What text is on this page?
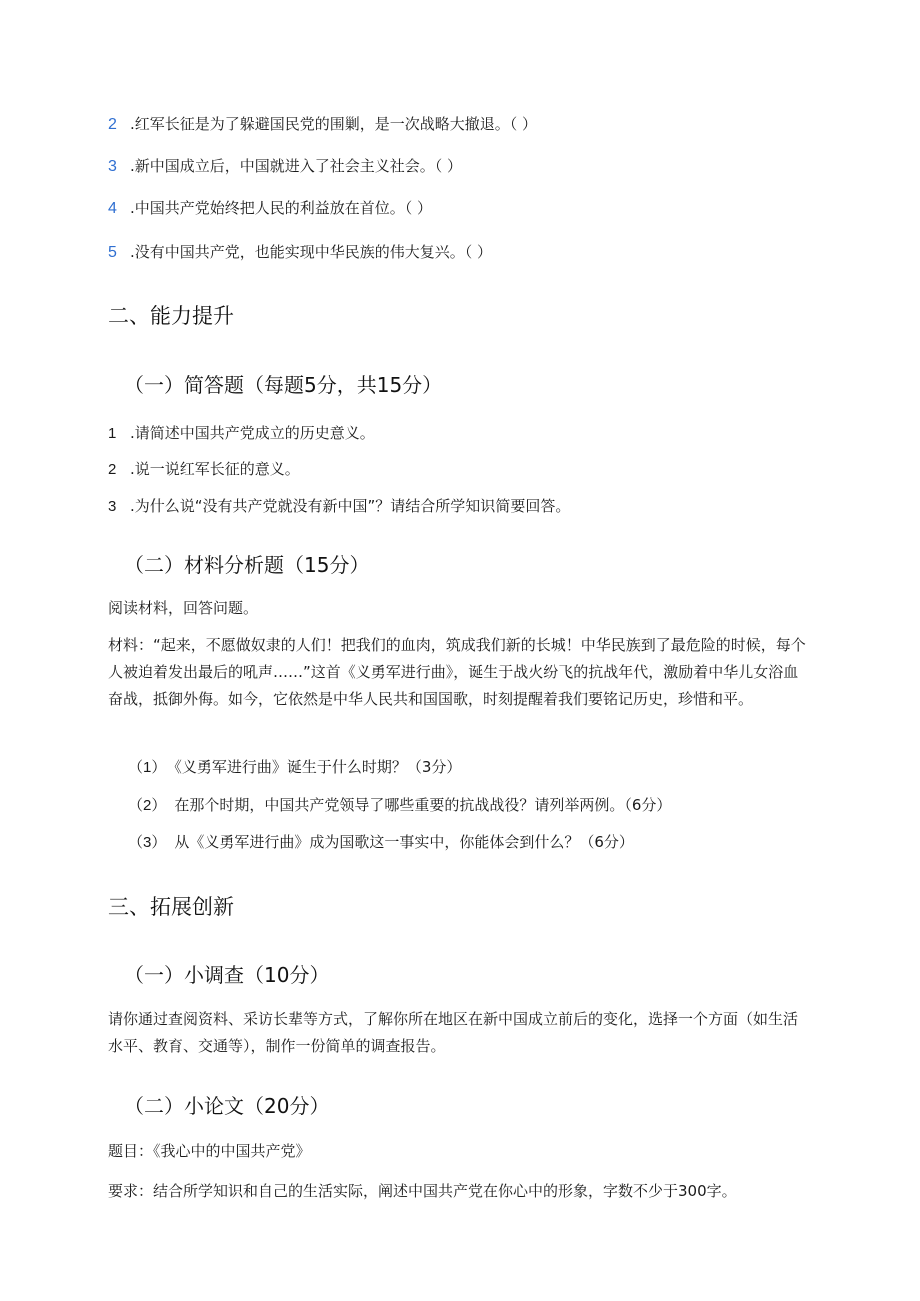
2 .红军长征是为了躲避国民党的围剿，是一次战略大撤退。（ ）
3 .新中国成立后，中国就进入了社会主义社会。（ ）
4 .中国共产党始终把人民的利益放在首位。（ ）
5 .没有中国共产党，也能实现中华民族的伟大复兴。（ ）
二、能力提升
（一）简答题（每题5分，共15分）
1 .请简述中国共产党成立的历史意义。
2 .说一说红军长征的意义。
3 .为什么说“没有共产党就没有新中国”？请结合所学知识简要回答。
（二）材料分析题（15分）
阅读材料，回答问题。
材料：“起来，不愿做奴隶的人们！把我们的血肉，筑成我们新的长城！中华民族到了最危险的时候，每个人被迫着发出最后的吼声……”这首《义勇军进行曲》，诞生于战火纷飞的抗战年代，激励着中华儿女浴血奋战，抵御外侮。如今，它依然是中华人民共和国国歌，时刻提醒着我们要铭记历史，珍惜和平。
（1） 《义勇军进行曲》诞生于什么时期？（3分）
（2） 在那个时期，中国共产党领导了哪些重要的抗战战役？请列举两例。（6分）
（3） 从《义勇军进行曲》成为国歌这一事实中，你能体会到什么？（6分）
三、拓展创新
（一）小调查（10分）
请你通过查阅资料、采访长辈等方式，了解你所在地区在新中国成立前后的变化，选择一个方面（如生活水平、教育、交通等），制作一份简单的调查报告。
（二）小论文（20分）
题目：《我心中的中国共产党》
要求：结合所学知识和自己的生活实际，阐述中国共产党在你心中的形象，字数不少于300字。
